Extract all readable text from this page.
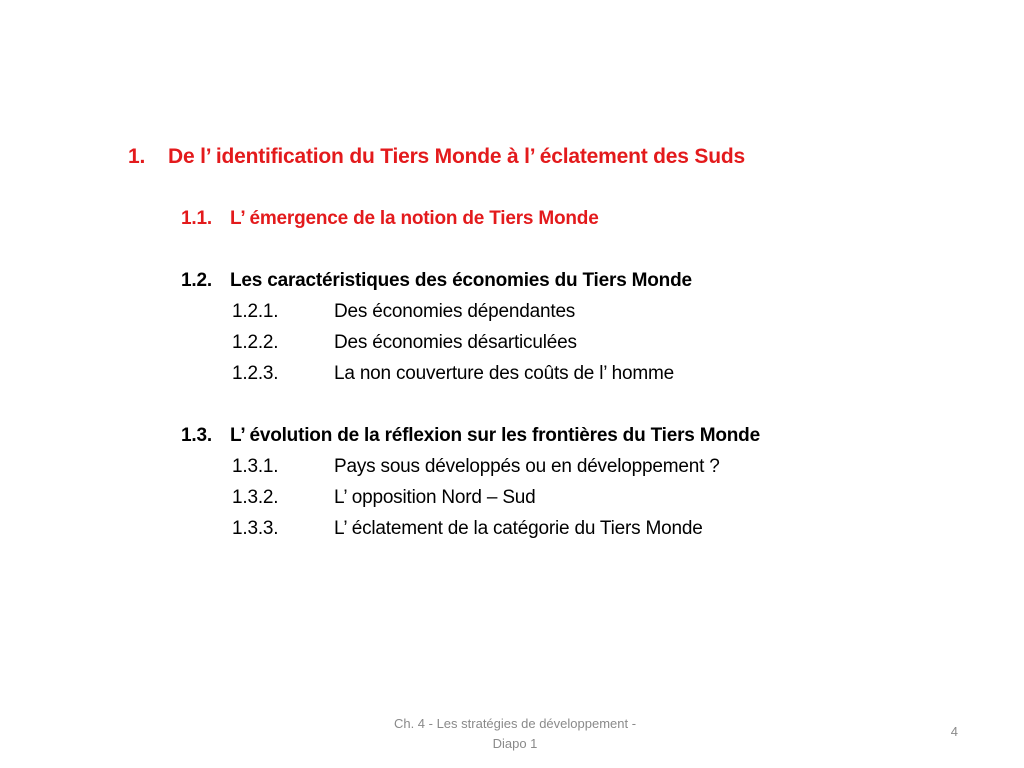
1. De l’ identification du Tiers Monde à l’ éclatement des Suds
1.1. L’ émergence de la notion de Tiers Monde
1.2. Les caractéristiques des économies du Tiers Monde
1.2.1.	Des économies dépendantes
1.2.2.	Des économies désarticulées
1.2.3.	La non couverture des coûts de l’ homme
1.3. L’ évolution de la réflexion sur les frontières du Tiers Monde
1.3.1.	Pays sous développés ou en développement ?
1.3.2.	L’ opposition Nord – Sud
1.3.3.	L’ éclatement de la catégorie du Tiers Monde
Ch. 4 - Les stratégies de développement -
Diapo 1
4
